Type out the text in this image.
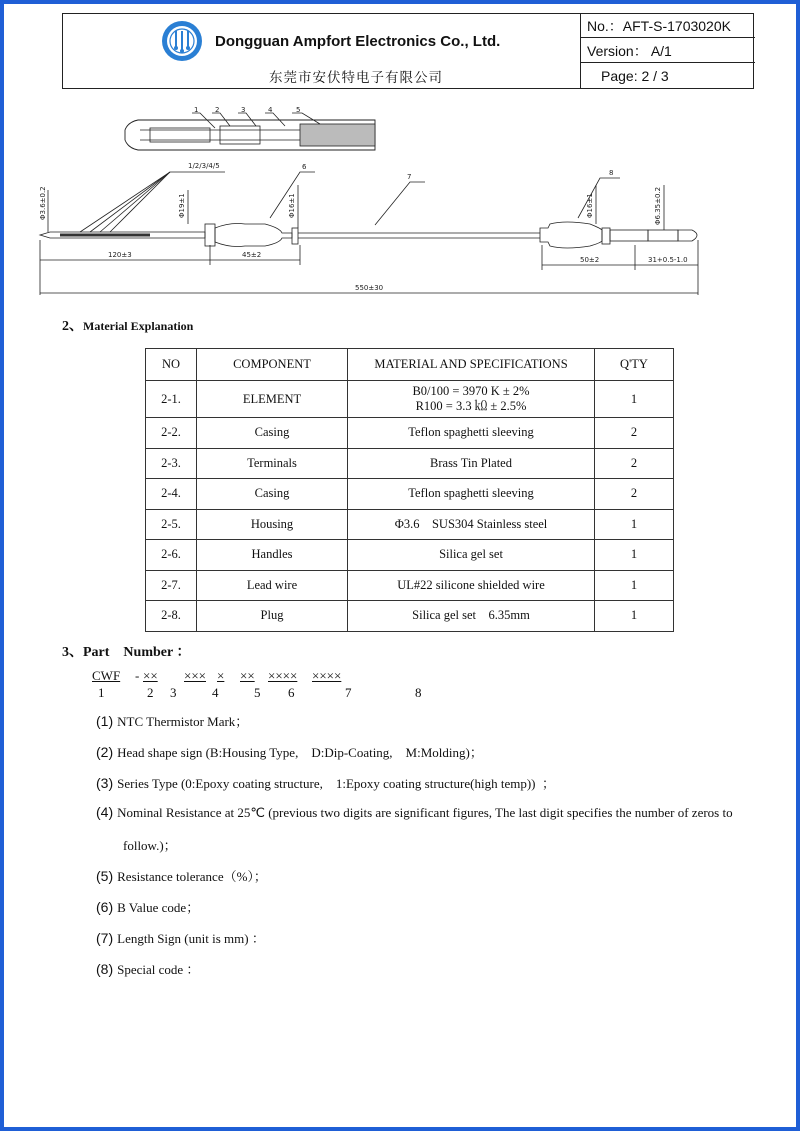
Dongguan Ampfort Electronics Co., Ltd.
东莞市安伏特电子有限公司
No.：AFT-S-1703020K
Version： A/1
Page: 2 / 3
1 2	3	4	5
1/2/3/4/5	6
7	8
Φ3.6±0.2	Φ19±1	Φ16±1	Φ16±1	Φ6.35±0.2
120±3	45±2
50±2	31+0.5-1.0
550±30
2、Material Explanation
NO	COMPONENT	MATERIAL AND SPECIFICATIONS	Q'TY
2-1.	ELEMENT	B0/100 = 3970 K ± 2%
R100 = 3.3 ㏀ ± 2.5%	1
2-2.	Casing	Teflon spaghetti sleeving	2
2-3.	Terminals	Brass Tin Plated	2
2-4.	Casing	Teflon spaghetti sleeving	2
2-5.	Housing	Φ3.6    SUS304 Stainless steel	1
2-6.	Handles	Silica gel set	1
2-7.	Lead wire	UL#22 silicone shielded wire	1
2-8.	Plug	Silica gel set    6.35mm	1
3、Part    Number ：
CWF - ×× ××× × ×× ×××× ××××
1	2 3	4	5 6	7	8
(1) NTC Thermistor Mark；
(2) Head shape sign (B:Housing Type,    D:Dip-Coating,    M:Molding)；
(3) Series Type (0:Epoxy coating structure,    1:Epoxy coating structure(high temp))  ；
(4) Nominal Resistance at 25℃ (previous two digits are significant figures, The last digit specifies the number of zeros to
follow.)；
(5) Resistance tolerance（%）；
(6) B Value code；
(7) Length Sign (unit is mm) ：
(8) Special code ：
